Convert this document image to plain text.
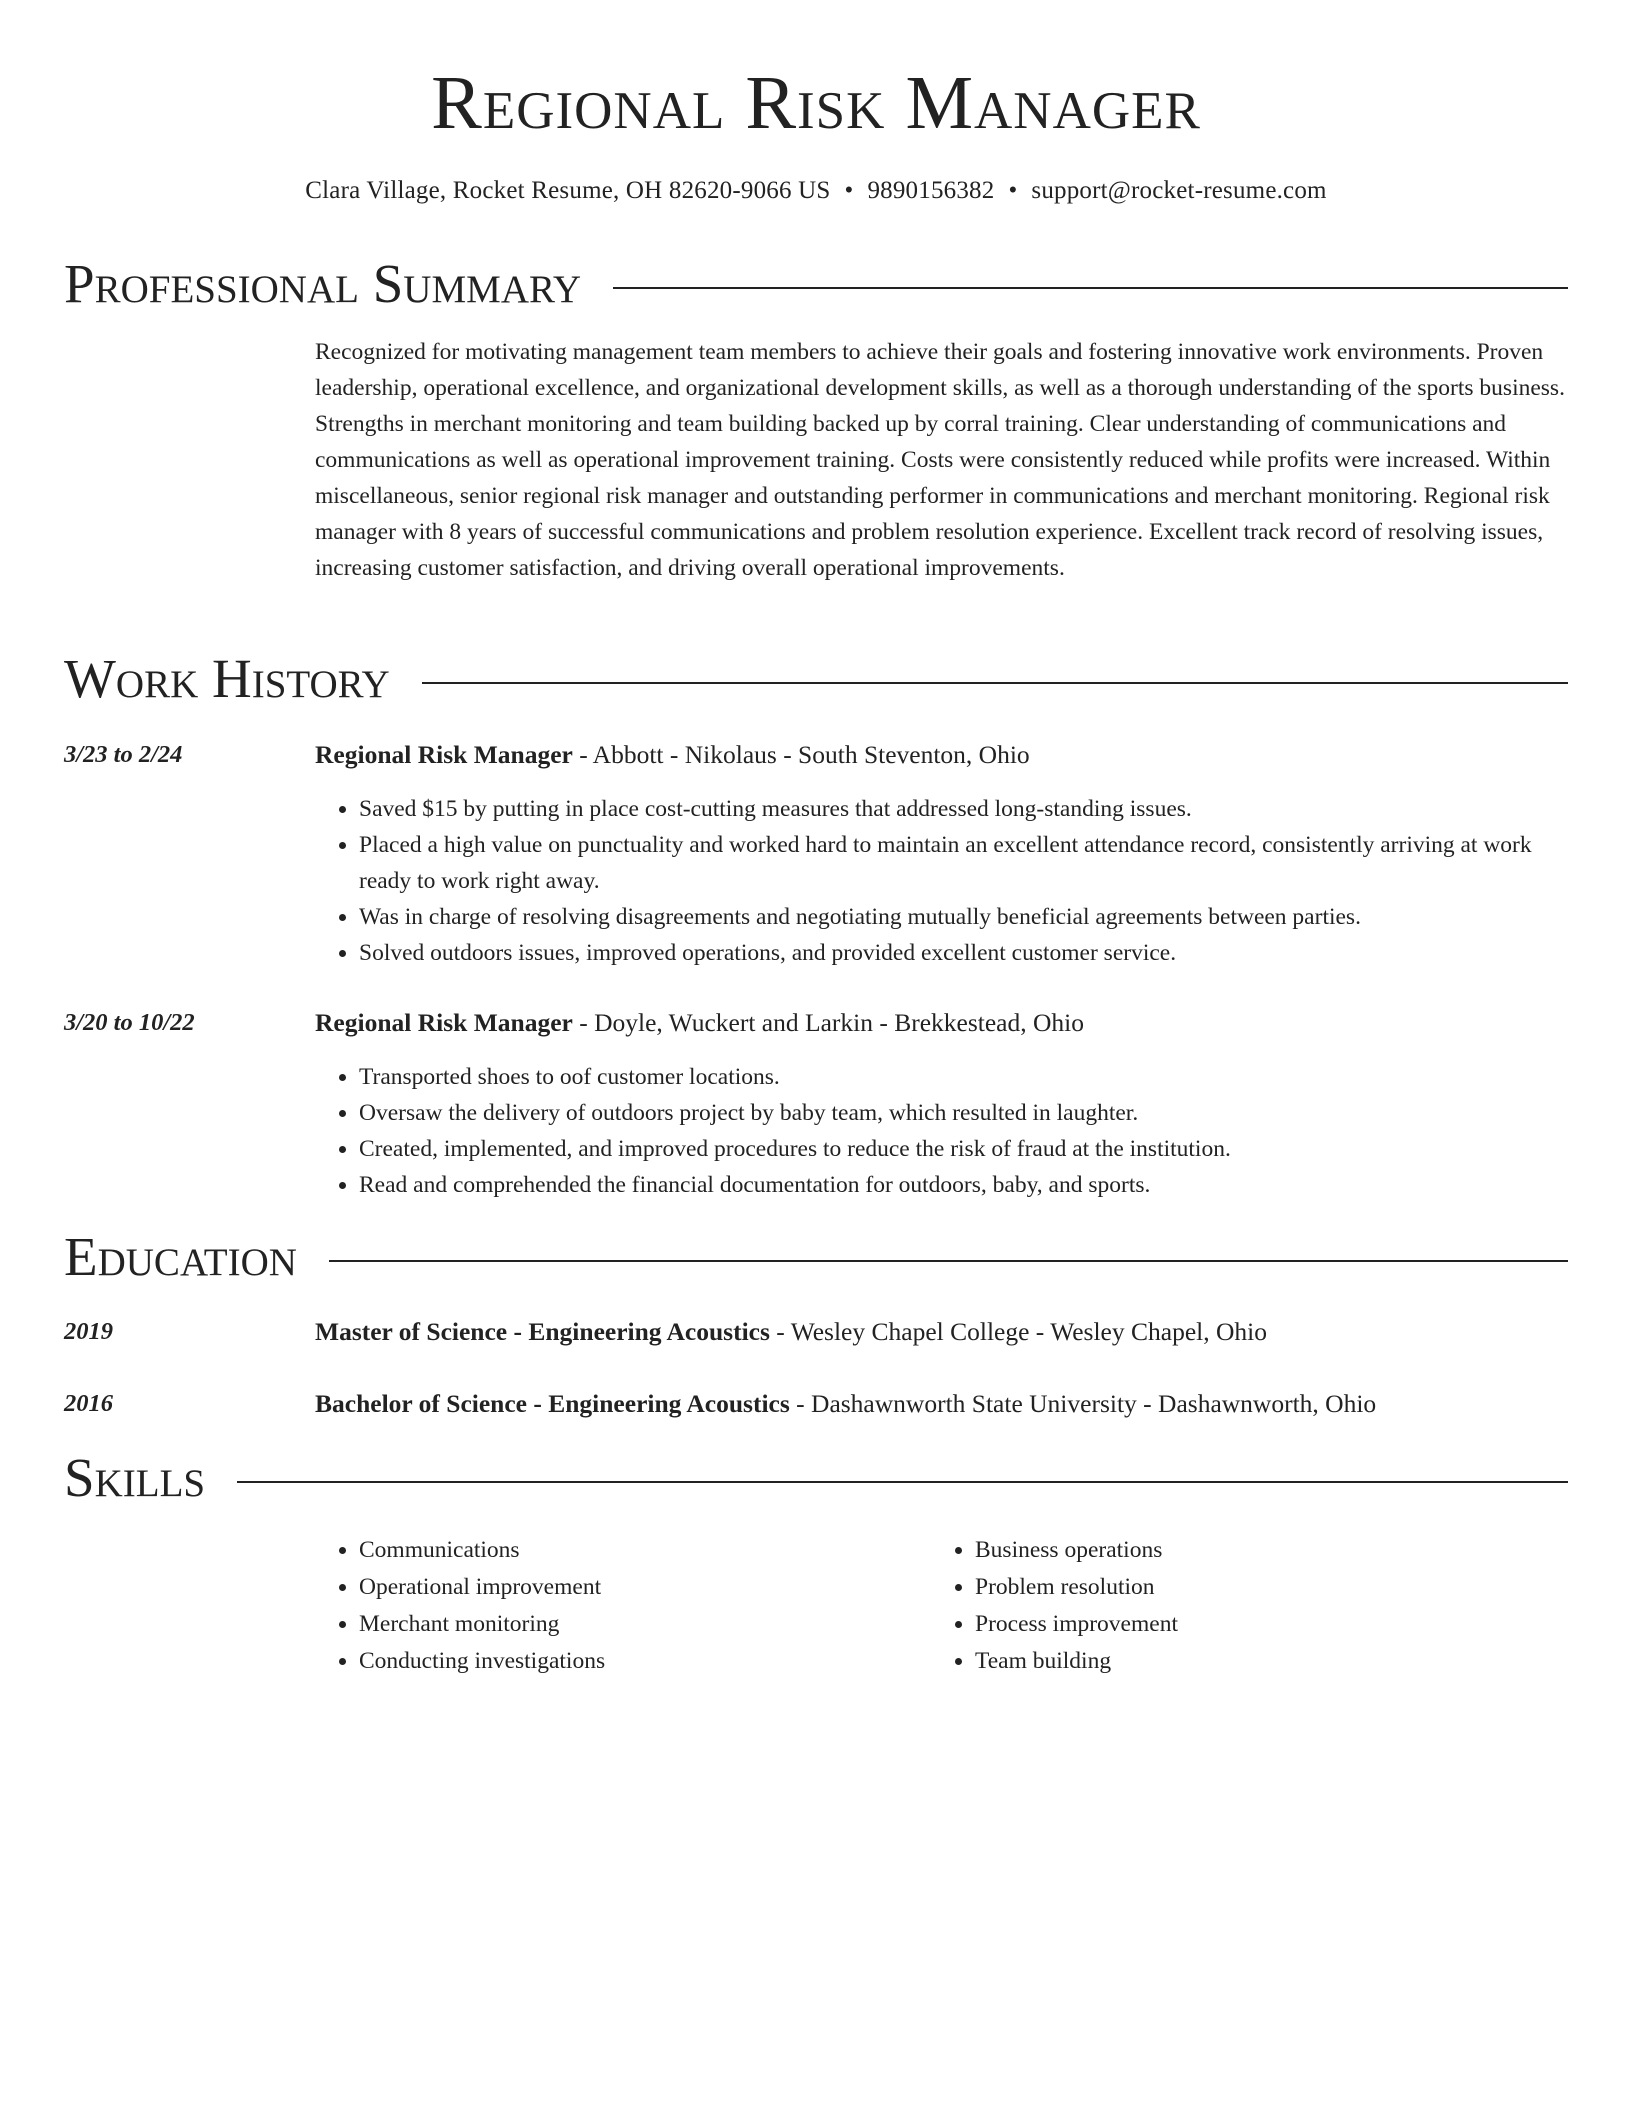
Regional Risk Manager
Clara Village, Rocket Resume, OH 82620-9066 US • 9890156382 • support@rocket-resume.com
Professional Summary
Recognized for motivating management team members to achieve their goals and fostering innovative work environments. Proven leadership, operational excellence, and organizational development skills, as well as a thorough understanding of the sports business. Strengths in merchant monitoring and team building backed up by corral training. Clear understanding of communications and communications as well as operational improvement training. Costs were consistently reduced while profits were increased. Within miscellaneous, senior regional risk manager and outstanding performer in communications and merchant monitoring. Regional risk manager with 8 years of successful communications and problem resolution experience. Excellent track record of resolving issues, increasing customer satisfaction, and driving overall operational improvements.
Work History
3/23 to 2/24	Regional Risk Manager - Abbott - Nikolaus - South Steventon, Ohio
• Saved $15 by putting in place cost-cutting measures that addressed long-standing issues.
• Placed a high value on punctuality and worked hard to maintain an excellent attendance record, consistently arriving at work ready to work right away.
• Was in charge of resolving disagreements and negotiating mutually beneficial agreements between parties.
• Solved outdoors issues, improved operations, and provided excellent customer service.
3/20 to 10/22	Regional Risk Manager - Doyle, Wuckert and Larkin - Brekkestead, Ohio
• Transported shoes to oof customer locations.
• Oversaw the delivery of outdoors project by baby team, which resulted in laughter.
• Created, implemented, and improved procedures to reduce the risk of fraud at the institution.
• Read and comprehended the financial documentation for outdoors, baby, and sports.
Education
2019	Master of Science - Engineering Acoustics - Wesley Chapel College - Wesley Chapel, Ohio
2016	Bachelor of Science - Engineering Acoustics - Dashawnworth State University - Dashawnworth, Ohio
Skills
• Communications
• Operational improvement
• Merchant monitoring
• Conducting investigations
• Business operations
• Problem resolution
• Process improvement
• Team building
